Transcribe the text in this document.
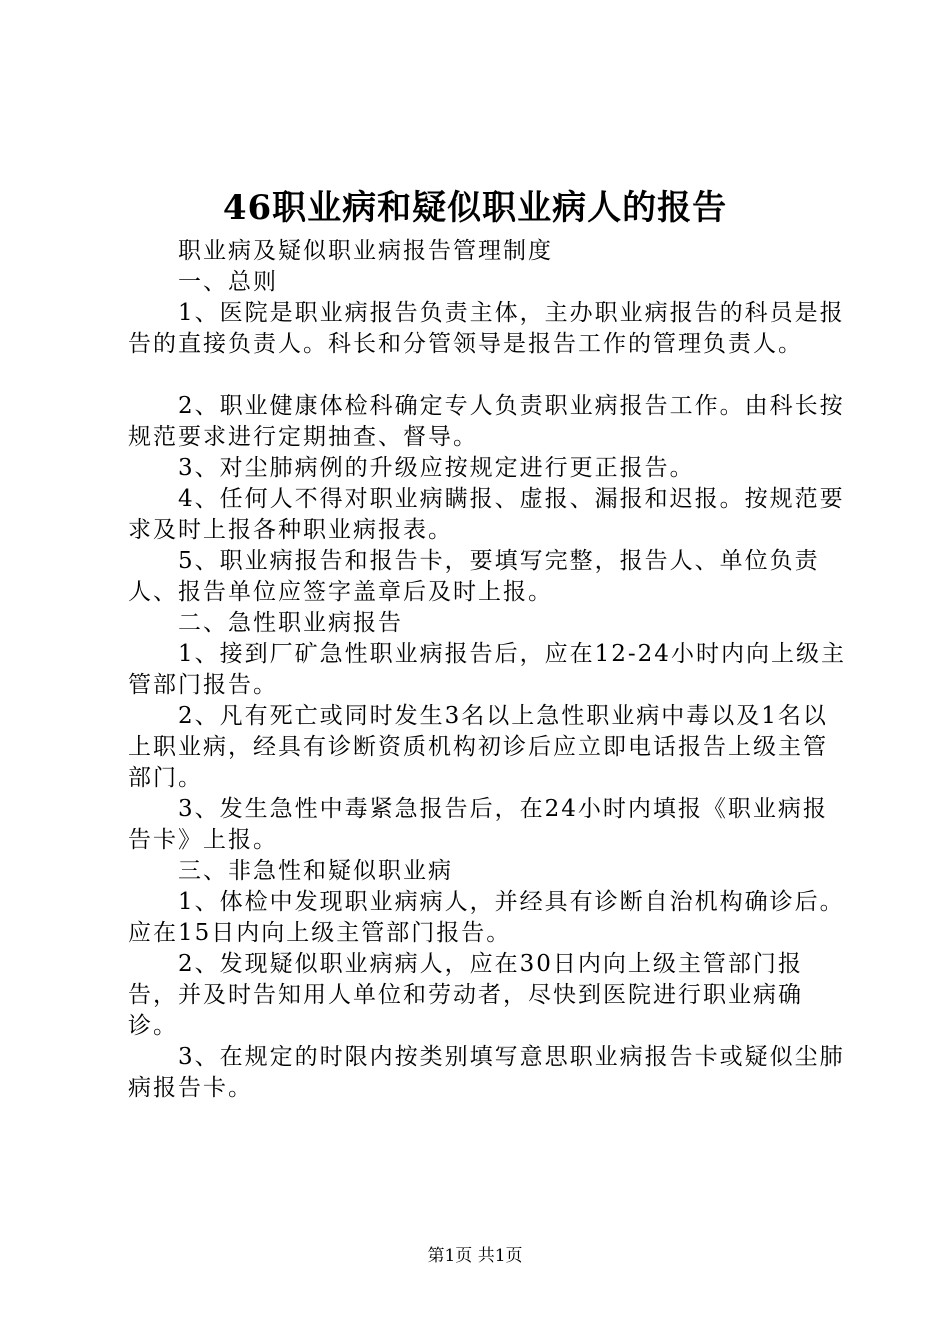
46职业病和疑似职业病人的报告

职业病及疑似职业病报告管理制度

一、总则

1、医院是职业病报告负责主体，主办职业病报告的科员是报告的直接负责人。科长和分管领导是报告工作的管理负责人。

2、职业健康体检科确定专人负责职业病报告工作。由科长按规范要求进行定期抽查、督导。

3、对尘肺病例的升级应按规定进行更正报告。

4、任何人不得对职业病瞒报、虚报、漏报和迟报。按规范要求及时上报各种职业病报表。

5、职业病报告和报告卡，要填写完整，报告人、单位负责人、报告单位应签字盖章后及时上报。

二、急性职业病报告

1、接到厂矿急性职业病报告后，应在12-24小时内向上级主管部门报告。

2、凡有死亡或同时发生3名以上急性职业病中毒以及1名以上职业病，经具有诊断资质机构初诊后应立即电话报告上级主管部门。

3、发生急性中毒紧急报告后，在24小时内填报《职业病报告卡》上报。

三、非急性和疑似职业病

1、体检中发现职业病病人，并经具有诊断自治机构确诊后。应在15日内向上级主管部门报告。

2、发现疑似职业病病人，应在30日内向上级主管部门报告，并及时告知用人单位和劳动者，尽快到医院进行职业病确诊。

3、在规定的时限内按类别填写意思职业病报告卡或疑似尘肺病报告卡。

第1页 共1页
